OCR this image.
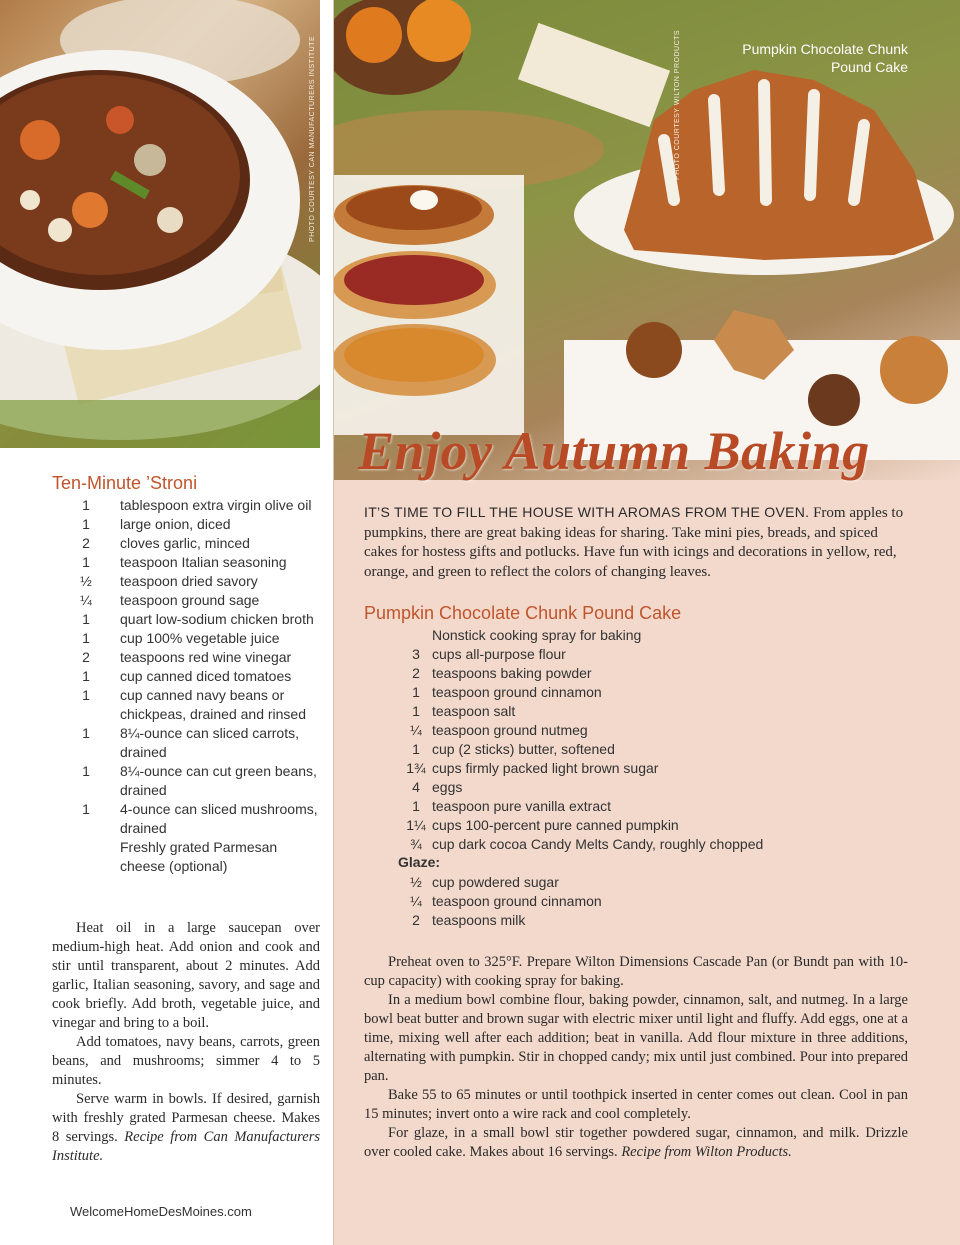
PHOTO COURTESY CAN MANUFACTURERS INSTITUTE
Ten-Minute ’Stroni
1	tablespoon extra virgin olive oil
1	large onion, diced
2	cloves garlic, minced
1	teaspoon Italian seasoning
½	teaspoon dried savory
¼	teaspoon ground sage
1	quart low-sodium chicken broth
1	cup 100% vegetable juice
2	teaspoons red wine vinegar
1	cup canned diced tomatoes
1	cup canned navy beans or chickpeas, drained and rinsed
1	8¼-ounce can sliced carrots, drained
1	8¼-ounce can cut green beans, drained
1	4-ounce can sliced mushrooms, drained
Freshly grated Parmesan cheese (optional)

Heat oil in a large saucepan over medium-high heat. Add onion and cook and stir until transparent, about 2 minutes. Add garlic, Italian seasoning, savory, and sage and cook briefly. Add broth, vegetable juice, and vinegar and bring to a boil.

Add tomatoes, navy beans, carrots, green beans, and mushrooms; simmer 4 to 5 minutes.

Serve warm in bowls. If desired, garnish with freshly grated Parmesan cheese. Makes 8 servings. Recipe from Can Manufacturers Institute.

WelcomeHomeDesMoines.com
PHOTO COURTESY WILTON PRODUCTS	Pumpkin Chocolate Chunk
Pound Cake
Enjoy Autumn Baking
IT’S TIME TO FILL THE HOUSE WITH AROMAS FROM THE OVEN. From apples to pumpkins, there are great baking ideas for sharing. Take mini pies, breads, and spiced cakes for hostess gifts and potlucks. Have fun with icings and decorations in yellow, red, orange, and green to reflect the colors of changing leaves.
Pumpkin Chocolate Chunk Pound Cake
Nonstick cooking spray for baking
3 cups all-purpose flour
2 teaspoons baking powder
1 teaspoon ground cinnamon
1 teaspoon salt
¼ teaspoon ground nutmeg
1 cup (2 sticks) butter, softened
1¾ cups firmly packed light brown sugar
4 eggs
1 teaspoon pure vanilla extract
1¼ cups 100-percent pure canned pumpkin
¾ cup dark cocoa Candy Melts Candy, roughly chopped
Glaze:
½ cup powdered sugar
¼ teaspoon ground cinnamon
2 teaspoons milk

Preheat oven to 325°F. Prepare Wilton Dimensions Cascade Pan (or Bundt pan with 10-cup capacity) with cooking spray for baking.

In a medium bowl combine flour, baking powder, cinnamon, salt, and nutmeg. In a large bowl beat butter and brown sugar with electric mixer until light and fluffy. Add eggs, one at a time, mixing well after each addition; beat in vanilla. Add flour mixture in three additions, alternating with pumpkin. Stir in chopped candy; mix until just combined. Pour into prepared pan.

Bake 55 to 65 minutes or until toothpick inserted in center comes out clean. Cool in pan 15 minutes; invert onto a wire rack and cool completely.

For glaze, in a small bowl stir together powdered sugar, cinnamon, and milk. Drizzle over cooled cake. Makes about 16 servings. Recipe from Wilton Products.
